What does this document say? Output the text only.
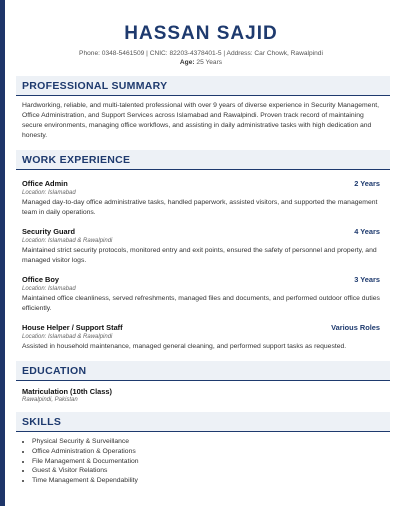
HASSAN SAJID
Phone: 0348-5461509 | CNIC: 82203-4378401-5 | Address: Car Chowk, Rawalpindi
Age: 25 Years
PROFESSIONAL SUMMARY
Hardworking, reliable, and multi-talented professional with over 9 years of diverse experience in Security Management, Office Administration, and Support Services across Islamabad and Rawalpindi. Proven track record of maintaining secure environments, managing office workflows, and assisting in daily administrative tasks with high dedication and honesty.
WORK EXPERIENCE
Office Admin	2 Years
Location: Islamabad
Managed day-to-day office administrative tasks, handled paperwork, assisted visitors, and supported the management team in daily operations.
Security Guard	4 Years
Location: Islamabad & Rawalpindi
Maintained strict security protocols, monitored entry and exit points, ensured the safety of personnel and property, and managed visitor logs.
Office Boy	3 Years
Location: Islamabad
Maintained office cleanliness, served refreshments, managed files and documents, and performed outdoor office duties efficiently.
House Helper / Support Staff	Various Roles
Location: Islamabad & Rawalpindi
Assisted in household maintenance, managed general cleaning, and performed support tasks as requested.
EDUCATION
Matriculation (10th Class)
Rawalpindi, Pakistan
SKILLS
• Physical Security & Surveillance
• Office Administration & Operations
• File Management & Documentation
• Guest & Visitor Relations
• Time Management & Dependability
